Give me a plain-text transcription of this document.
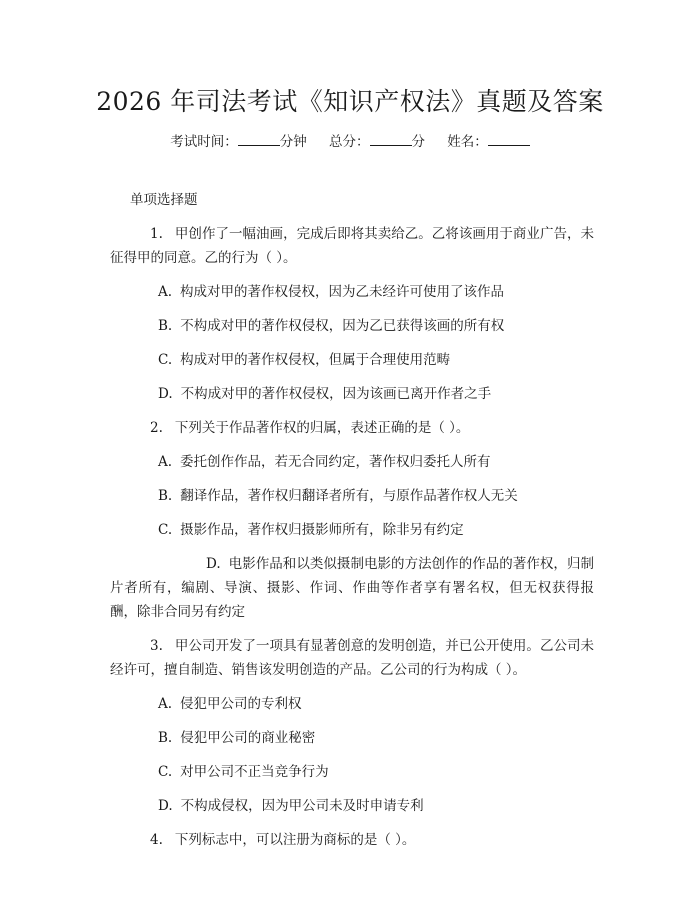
2026 年司法考试《知识产权法》真题及答案
考试时间：	分钟 总分：	分 姓名：
单项选择题
1. 甲创作了一幅油画，完成后即将其卖给乙。乙将该画用于商业广告，未征得甲的同意。乙的行为（ ）。
A. 构成对甲的著作权侵权，因为乙未经许可使用了该作品
B. 不构成对甲的著作权侵权，因为乙已获得该画的所有权
C. 构成对甲的著作权侵权，但属于合理使用范畴
D. 不构成对甲的著作权侵权，因为该画已离开作者之手
2. 下列关于作品著作权的归属，表述正确的是（ ）。
A. 委托创作作品，若无合同约定，著作权归委托人所有
B. 翻译作品，著作权归翻译者所有，与原作品著作权人无关
C. 摄影作品，著作权归摄影师所有，除非另有约定
D. 电影作品和以类似摄制电影的方法创作的作品的著作权，归制片者所有，编剧、导演、摄影、作词、作曲等作者享有署名权，但无权获得报酬，除非合同另有约定
3. 甲公司开发了一项具有显著创意的发明创造，并已公开使用。乙公司未经许可，擅自制造、销售该发明创造的产品。乙公司的行为构成（ ）。
A. 侵犯甲公司的专利权
B. 侵犯甲公司的商业秘密
C. 对甲公司不正当竞争行为
D. 不构成侵权，因为甲公司未及时申请专利
4. 下列标志中，可以注册为商标的是（ ）。
